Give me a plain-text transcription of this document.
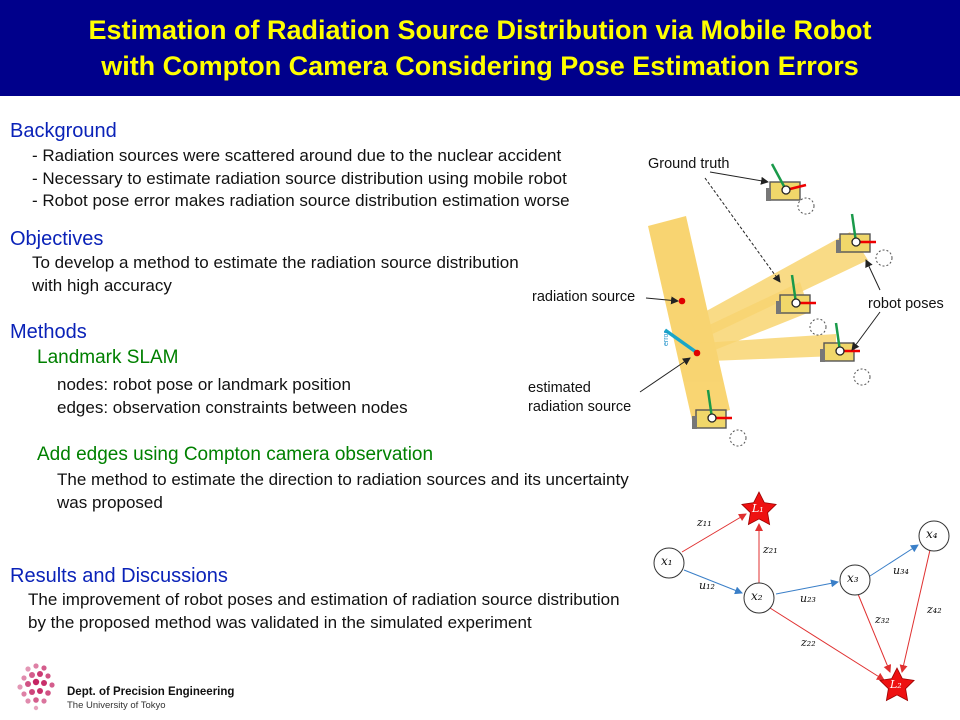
Estimation of Radiation Source Distribution via Mobile Robot
with Compton Camera Considering Pose Estimation Errors
Background
- Radiation sources were scattered around due to the nuclear accident
- Necessary to estimate radiation source distribution using mobile robot
- Robot pose error makes radiation source distribution estimation worse
Objectives
To develop a method to estimate the radiation source distribution
with high accuracy
Methods
Landmark SLAM
nodes: robot pose or landmark position
edges: observation constraints between nodes
Add edges using Compton camera observation
The method to estimate the direction to radiation sources and its uncertainty
was proposed
Results and Discussions
The improvement of robot poses and estimation of radiation source distribution
by the proposed method was validated in the simulated experiment
error
Ground truth
radiation source
estimated
radiation source
robot poses
x₁
x₂
x₃
x₄
L₁
L₂
z₁₁
z₂₁
u₁₂
u₂₃
u₃₄
z₂₂
z₃₂
z₄₂
Dept. of Precision Engineering
The University of Tokyo
